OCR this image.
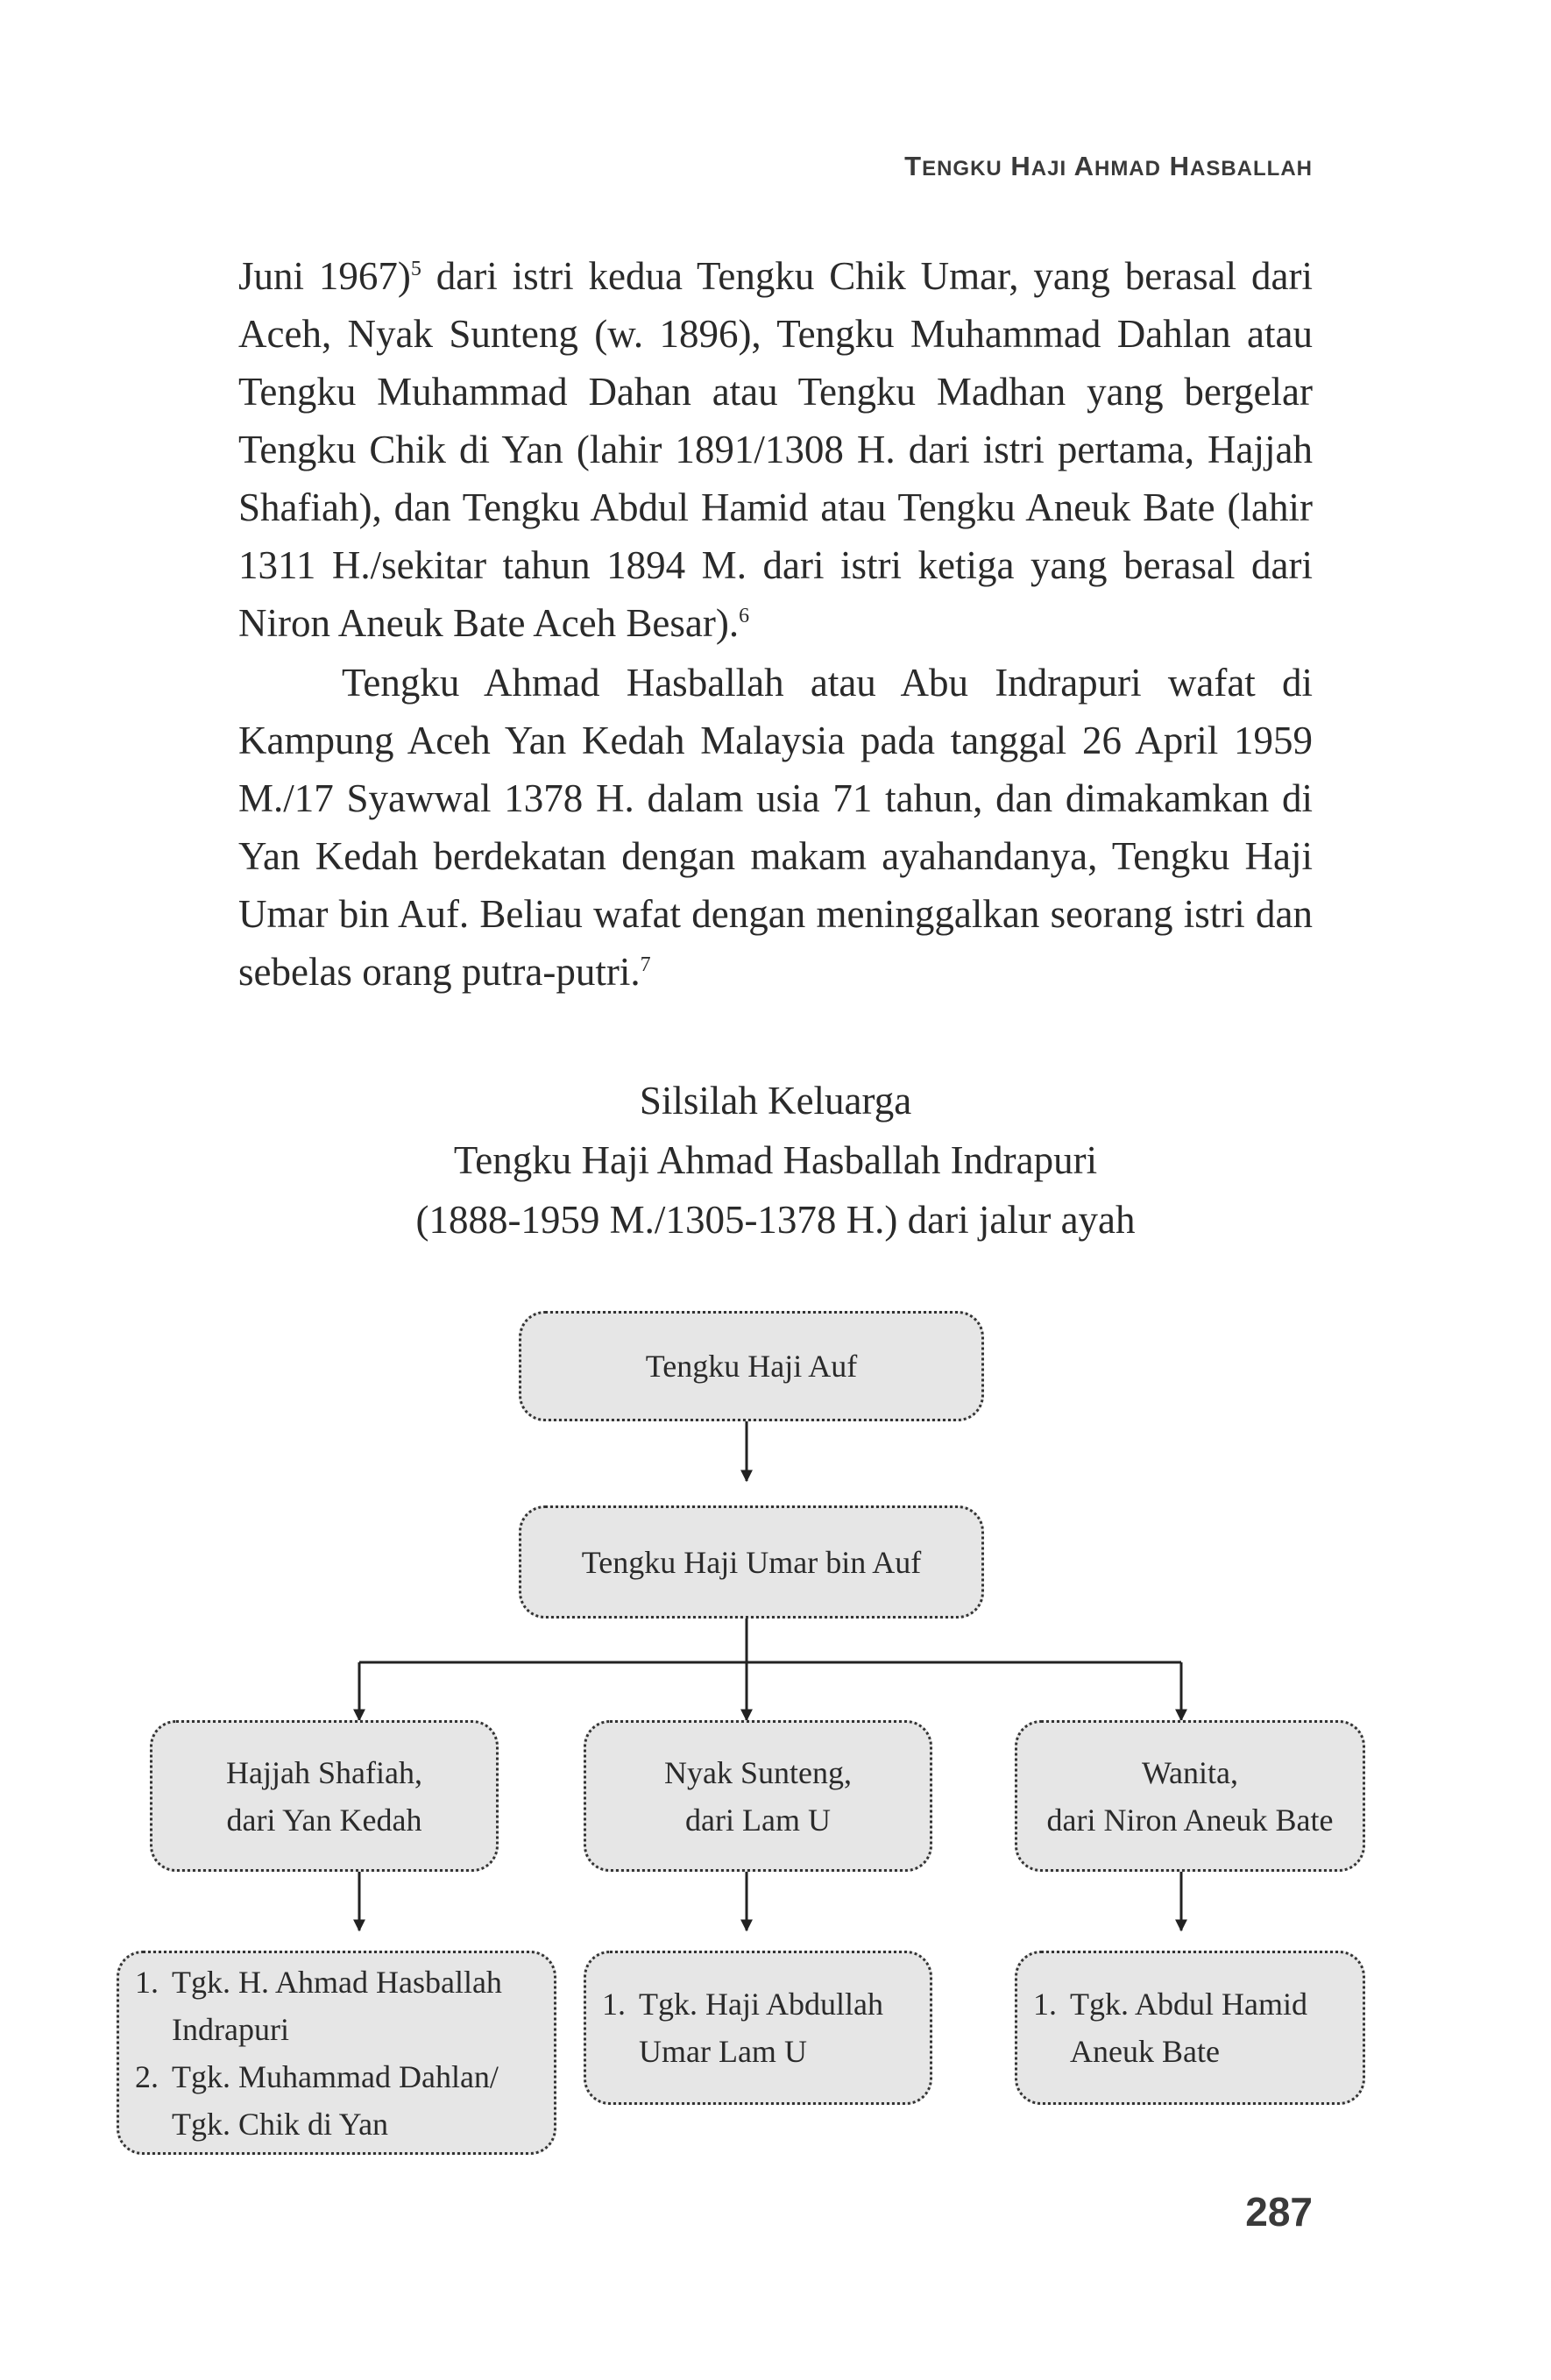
TENGKU HAJI AHMAD HASBALLAH

Juni 1967)$^5$ dari istri kedua Tengku Chik Umar, yang berasal dari Aceh, Nyak Sunteng (w. 1896), Tengku Muhammad Dahlan atau Tengku Muhammad Dahan atau Tengku Madhan yang bergelar Tengku Chik di Yan (lahir 1891/1308 H. dari istri pertama, Hajjah Shafiah), dan Tengku Abdul Hamid atau Tengku Aneuk Bate (lahir 1311 H./sekitar tahun 1894 M. dari istri ketiga yang berasal dari Niron Aneuk Bate Aceh Besar).$^6$

Tengku Ahmad Hasballah atau Abu Indrapuri wafat di Kampung Aceh Yan Kedah Malaysia pada tanggal 26 April 1959 M./17 Syawwal 1378 H. dalam usia 71 tahun, dan dimakamkan di Yan Kedah berdekatan dengan makam ayahandanya, Tengku Haji Umar bin Auf. Beliau wafat dengan meninggalkan seorang istri dan sebelas orang putra-putri.$^7$

Silsilah Keluarga
Tengku Haji Ahmad Hasballah Indrapuri
(1888-1959 M./1305-1378 H.) dari jalur ayah
Tengku Haji Auf
Tengku Haji Umar bin Auf
Hajjah Shafiah,
dari Yan Kedah
Nyak Sunteng,
dari Lam U
Wanita,
dari Niron Aneuk Bate
1. Tgk. H. Ahmad Hasballah
Indrapuri
2. Tgk. Muhammad Dahlan/
Tgk. Chik di Yan
1. Tgk. Haji Abdullah
Umar Lam U
1. Tgk. Abdul Hamid
Aneuk Bate
287
